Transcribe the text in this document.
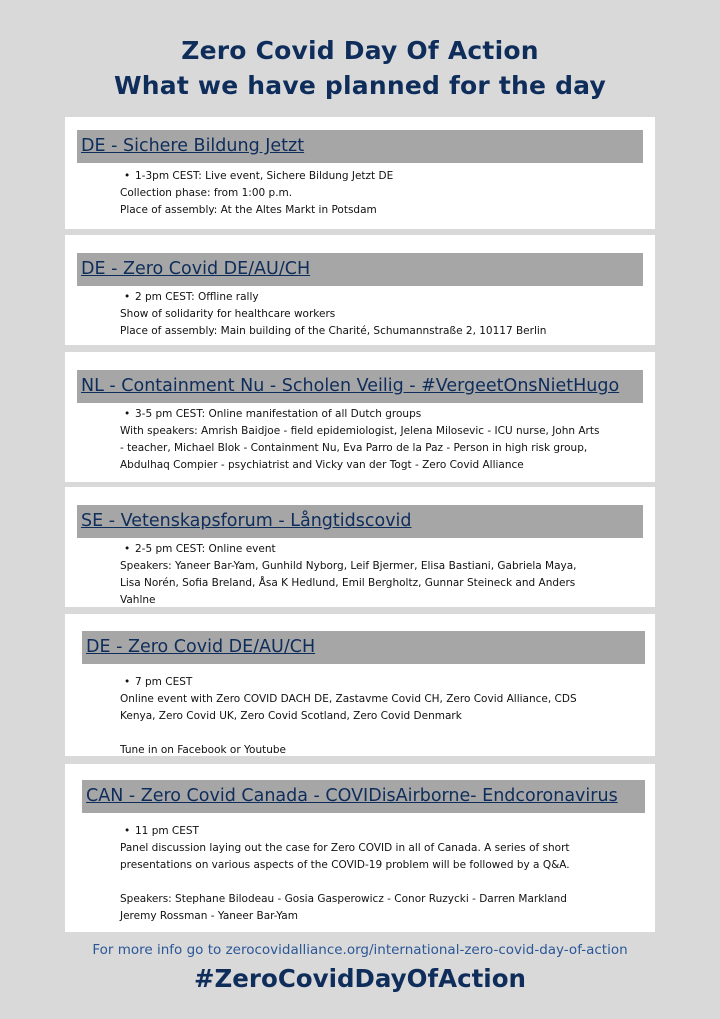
Zero Covid Day Of Action
What we have planned for the day
DE - Sichere Bildung Jetzt
• 1-3pm CEST: Live event, Sichere Bildung Jetzt DE
Collection phase: from 1:00 p.m.
Place of assembly: At the Altes Markt in Potsdam
DE - Zero Covid DE/AU/CH
• 2 pm CEST: Offline rally
Show of solidarity for healthcare workers
Place of assembly: Main building of the Charité, Schumannstraße 2, 10117 Berlin
NL - Containment Nu - Scholen Veilig - #VergeetOnsNietHugo
• 3-5 pm CEST: Online manifestation of all Dutch groups
With speakers: Amrish Baidjoe - field epidemiologist, Jelena Milosevic - ICU nurse, John Arts
- teacher, Michael Blok - Containment Nu, Eva Parro de la Paz - Person in high risk group,
Abdulhaq Compier - psychiatrist and Vicky van der Togt - Zero Covid Alliance
SE - Vetenskapsforum - Långtidscovid
• 2-5 pm CEST: Online event
Speakers: Yaneer Bar-Yam, Gunhild Nyborg, Leif Bjermer, Elisa Bastiani, Gabriela Maya,
Lisa Norén, Sofia Breland, Åsa K Hedlund, Emil Bergholtz, Gunnar Steineck and Anders
Vahlne
DE - Zero Covid DE/AU/CH
• 7 pm CEST
Online event with Zero COVID DACH DE, Zastavme Covid CH, Zero Covid Alliance, CDS
Kenya, Zero Covid UK, Zero Covid Scotland, Zero Covid Denmark
Tune in on Facebook or Youtube
CAN - Zero Covid Canada - COVIDisAirborne- Endcoronavirus
• 11 pm CEST
Panel discussion laying out the case for Zero COVID in all of Canada. A series of short
presentations on various aspects of the COVID-19 problem will be followed by a Q&A.
Speakers: Stephane Bilodeau - Gosia Gasperowicz - Conor Ruzycki - Darren Markland
Jeremy Rossman - Yaneer Bar-Yam
For more info go to zerocovidalliance.org/international-zero-covid-day-of-action
#ZeroCovidDayOfAction
